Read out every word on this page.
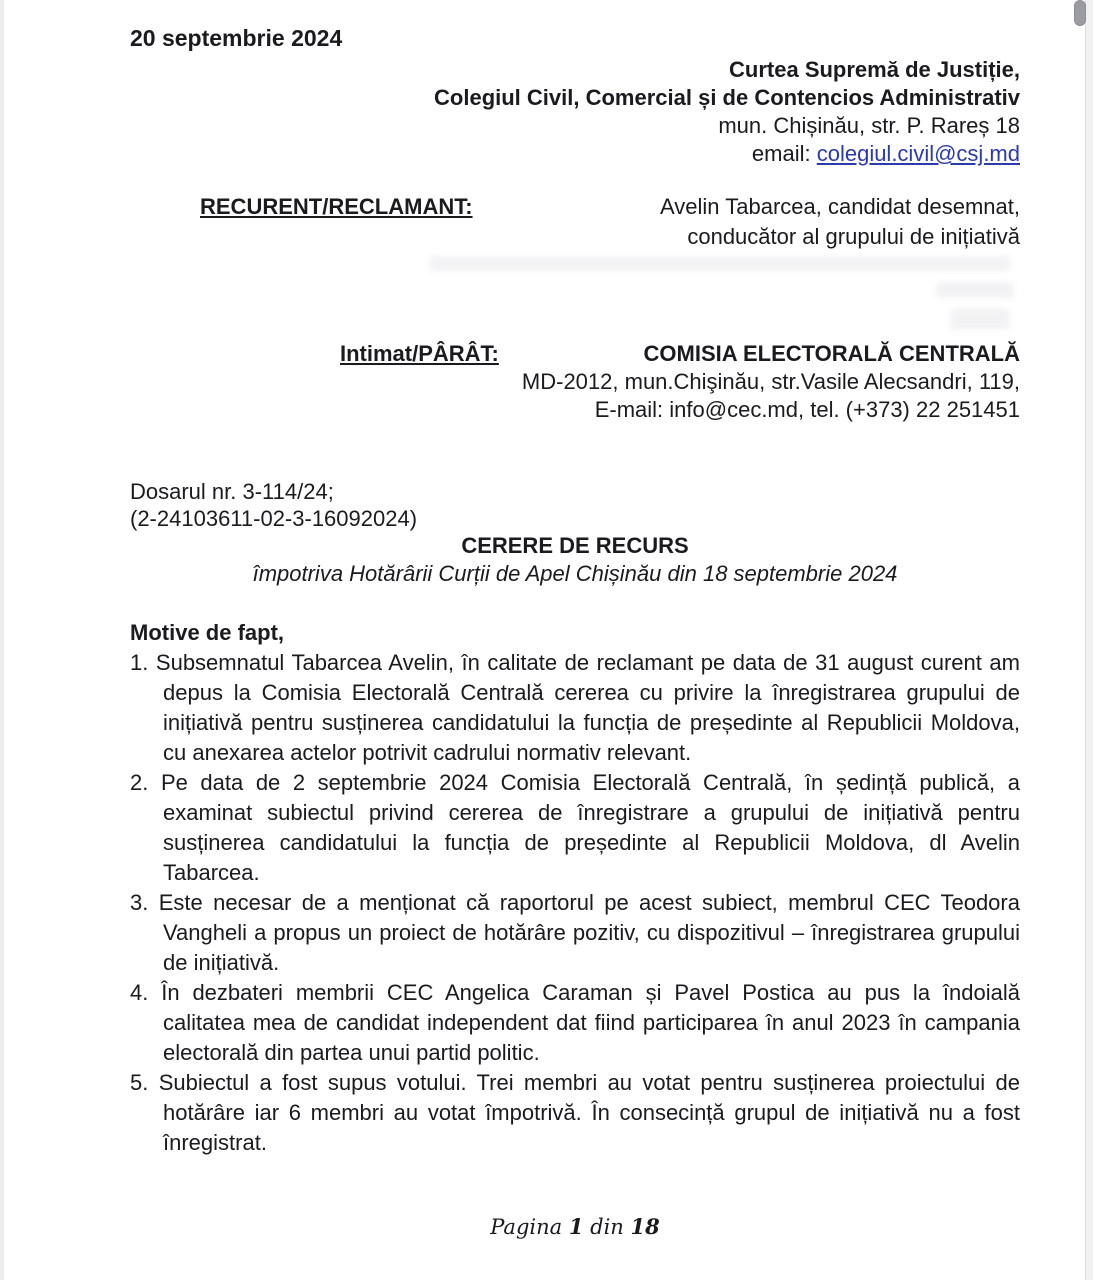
20 septembrie 2024
Curtea Supremă de Justiție,
Colegiul Civil, Comercial și de Contencios Administrativ
mun. Chișinău, str. P. Rareș 18
email: colegiul.civil@csj.md
RECURENT/RECLAMANT:	Avelin Tabarcea, candidat desemnat,
conducător al grupului de inițiativă
Intimat/PÂRÂT:	COMISIA ELECTORALĂ CENTRALĂ
MD-2012, mun.Chişinău, str.Vasile Alecsandri, 119,
E-mail: info@cec.md, tel. (+373) 22 251451
Dosarul nr. 3-114/24;
(2-24103611-02-3-16092024)
CERERE DE RECURS
împotriva Hotărârii Curții de Apel Chișinău din 18 septembrie 2024
Motive de fapt,
1. Subsemnatul Tabarcea Avelin, în calitate de reclamant pe data de 31 august curent am depus la Comisia Electorală Centrală cererea cu privire la înregistrarea grupului de inițiativă pentru susținerea candidatului la funcția de președinte al Republicii Moldova, cu anexarea actelor potrivit cadrului normativ relevant.
2. Pe data de 2 septembrie 2024 Comisia Electorală Centrală, în ședință publică, a examinat subiectul privind cererea de înregistrare a grupului de inițiativă pentru susținerea candidatului la funcția de președinte al Republicii Moldova, dl Avelin Tabarcea.
3. Este necesar de a menționat că raportorul pe acest subiect, membrul CEC Teodora Vangheli a propus un proiect de hotărâre pozitiv, cu dispozitivul – înregistrarea grupului de inițiativă.
4. În dezbateri membrii CEC Angelica Caraman și Pavel Postica au pus la îndoială calitatea mea de candidat independent dat fiind participarea în anul 2023 în campania electorală din partea unui partid politic.
5. Subiectul a fost supus votului. Trei membri au votat pentru susținerea proiectului de hotărâre iar 6 membri au votat împotrivă. În consecință grupul de inițiativă nu a fost înregistrat.
Pagina 1 din 18
